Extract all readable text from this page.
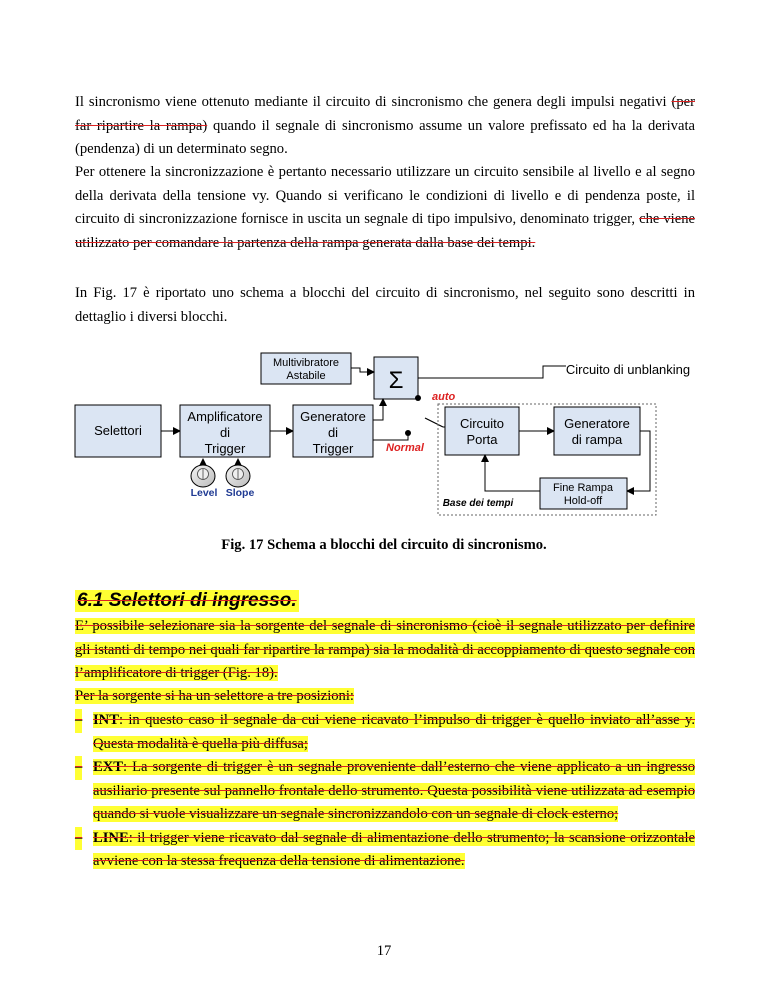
Il sincronismo viene ottenuto mediante il circuito di sincronismo che genera degli impulsi negativi (per far ripartire la rampa) quando il segnale di sincronismo assume un valore prefissato ed ha la derivata (pendenza) di un determinato segno.

Per ottenere la sincronizzazione è pertanto necessario utilizzare un circuito sensibile al livello e al segno della derivata della tensione vy. Quando si verificano le condizioni di livello e di pendenza poste, il circuito di sincronizzazione fornisce in uscita un segnale di tipo impulsivo, denominato trigger, che viene utilizzato per comandare la partenza della rampa generata dalla base dei tempi.

In Fig. 17 è riportato uno schema a blocchi del circuito di sincronismo, nel seguito sono descritti in dettaglio i diversi blocchi.

Multivibratore
Astabile	Σ	Circuito di unblanking
Selettori
Amplificatore
di
Trigger
Level Slope
Generatore
di
Trigger
auto
Normal
Base dei tempi
Circuito
Porta
Generatore
di rampa
Fine Rampa
Hold-off
Fig. 17 Schema a blocchi del circuito di sincronismo.
6.1 Selettori di ingresso.

E’ possibile selezionare sia la sorgente del segnale di sincronismo (cioè il segnale utilizzato per definire gli istanti di tempo nei quali far ripartire la rampa) sia la modalità di accoppiamento di questo segnale con l’amplificatore di trigger (Fig. 18).

Per la sorgente si ha un selettore a tre posizioni:

– INT: in questo caso il segnale da cui viene ricavato l’impulso di trigger è quello inviato all’asse y. Questa modalità è quella più diffusa;
– EXT: La sorgente di trigger è un segnale proveniente dall’esterno che viene applicato a un ingresso ausiliario presente sul pannello frontale dello strumento. Questa possibilità viene utilizzata ad esempio quando si vuole visualizzare un segnale sincronizzandolo con un segnale di clock esterno;
– LINE: il trigger viene ricavato dal segnale di alimentazione dello strumento; la scansione orizzontale avviene con la stessa frequenza della tensione di alimentazione.
17
